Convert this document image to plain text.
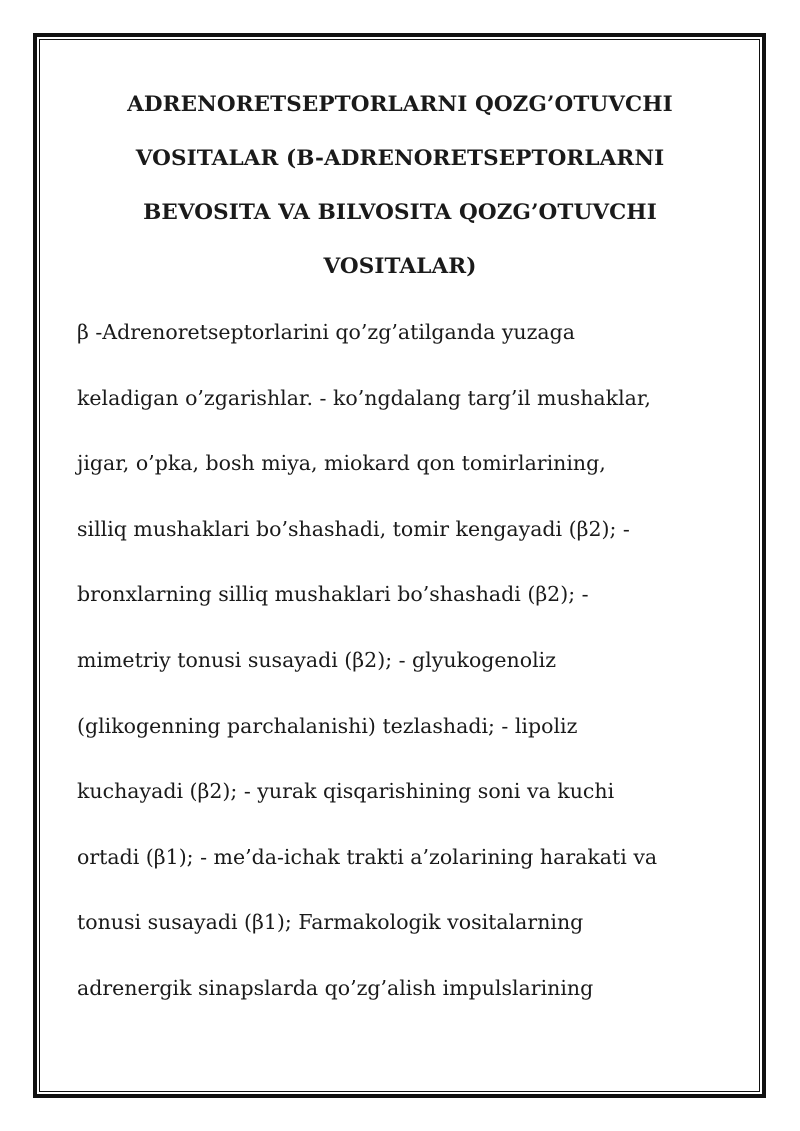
ADRENORETSEPTORLARNI QOZG’OTUVCHI
VOSITALAR (B-ADRENORETSEPTORLARNI
BEVOSITA VA BILVOSITA QOZG’OTUVCHI
VOSITALAR)
β -Adrenoretseptorlarini qo’zg’atilganda yuzaga
keladigan o’zgarishlar. - ko’ngdalang targ’il mushaklar,
jigar, o’pka, bosh miya, miokard qon tomirlarining,
silliq mushaklari bo’shashadi, tomir kengayadi (β2); -
bronxlarning silliq mushaklari bo’shashadi (β2); -
mimetriy tonusi susayadi (β2); - glyukogenoliz
(glikogenning parchalanishi) tezlashadi; - lipoliz
kuchayadi (β2); - yurak qisqarishining soni va kuchi
ortadi (β1); - me’da-ichak trakti a’zolarining harakati va
tonusi susayadi (β1); Farmakologik vositalarning
adrenergik sinapslarda qo’zg’alish impulslarining
